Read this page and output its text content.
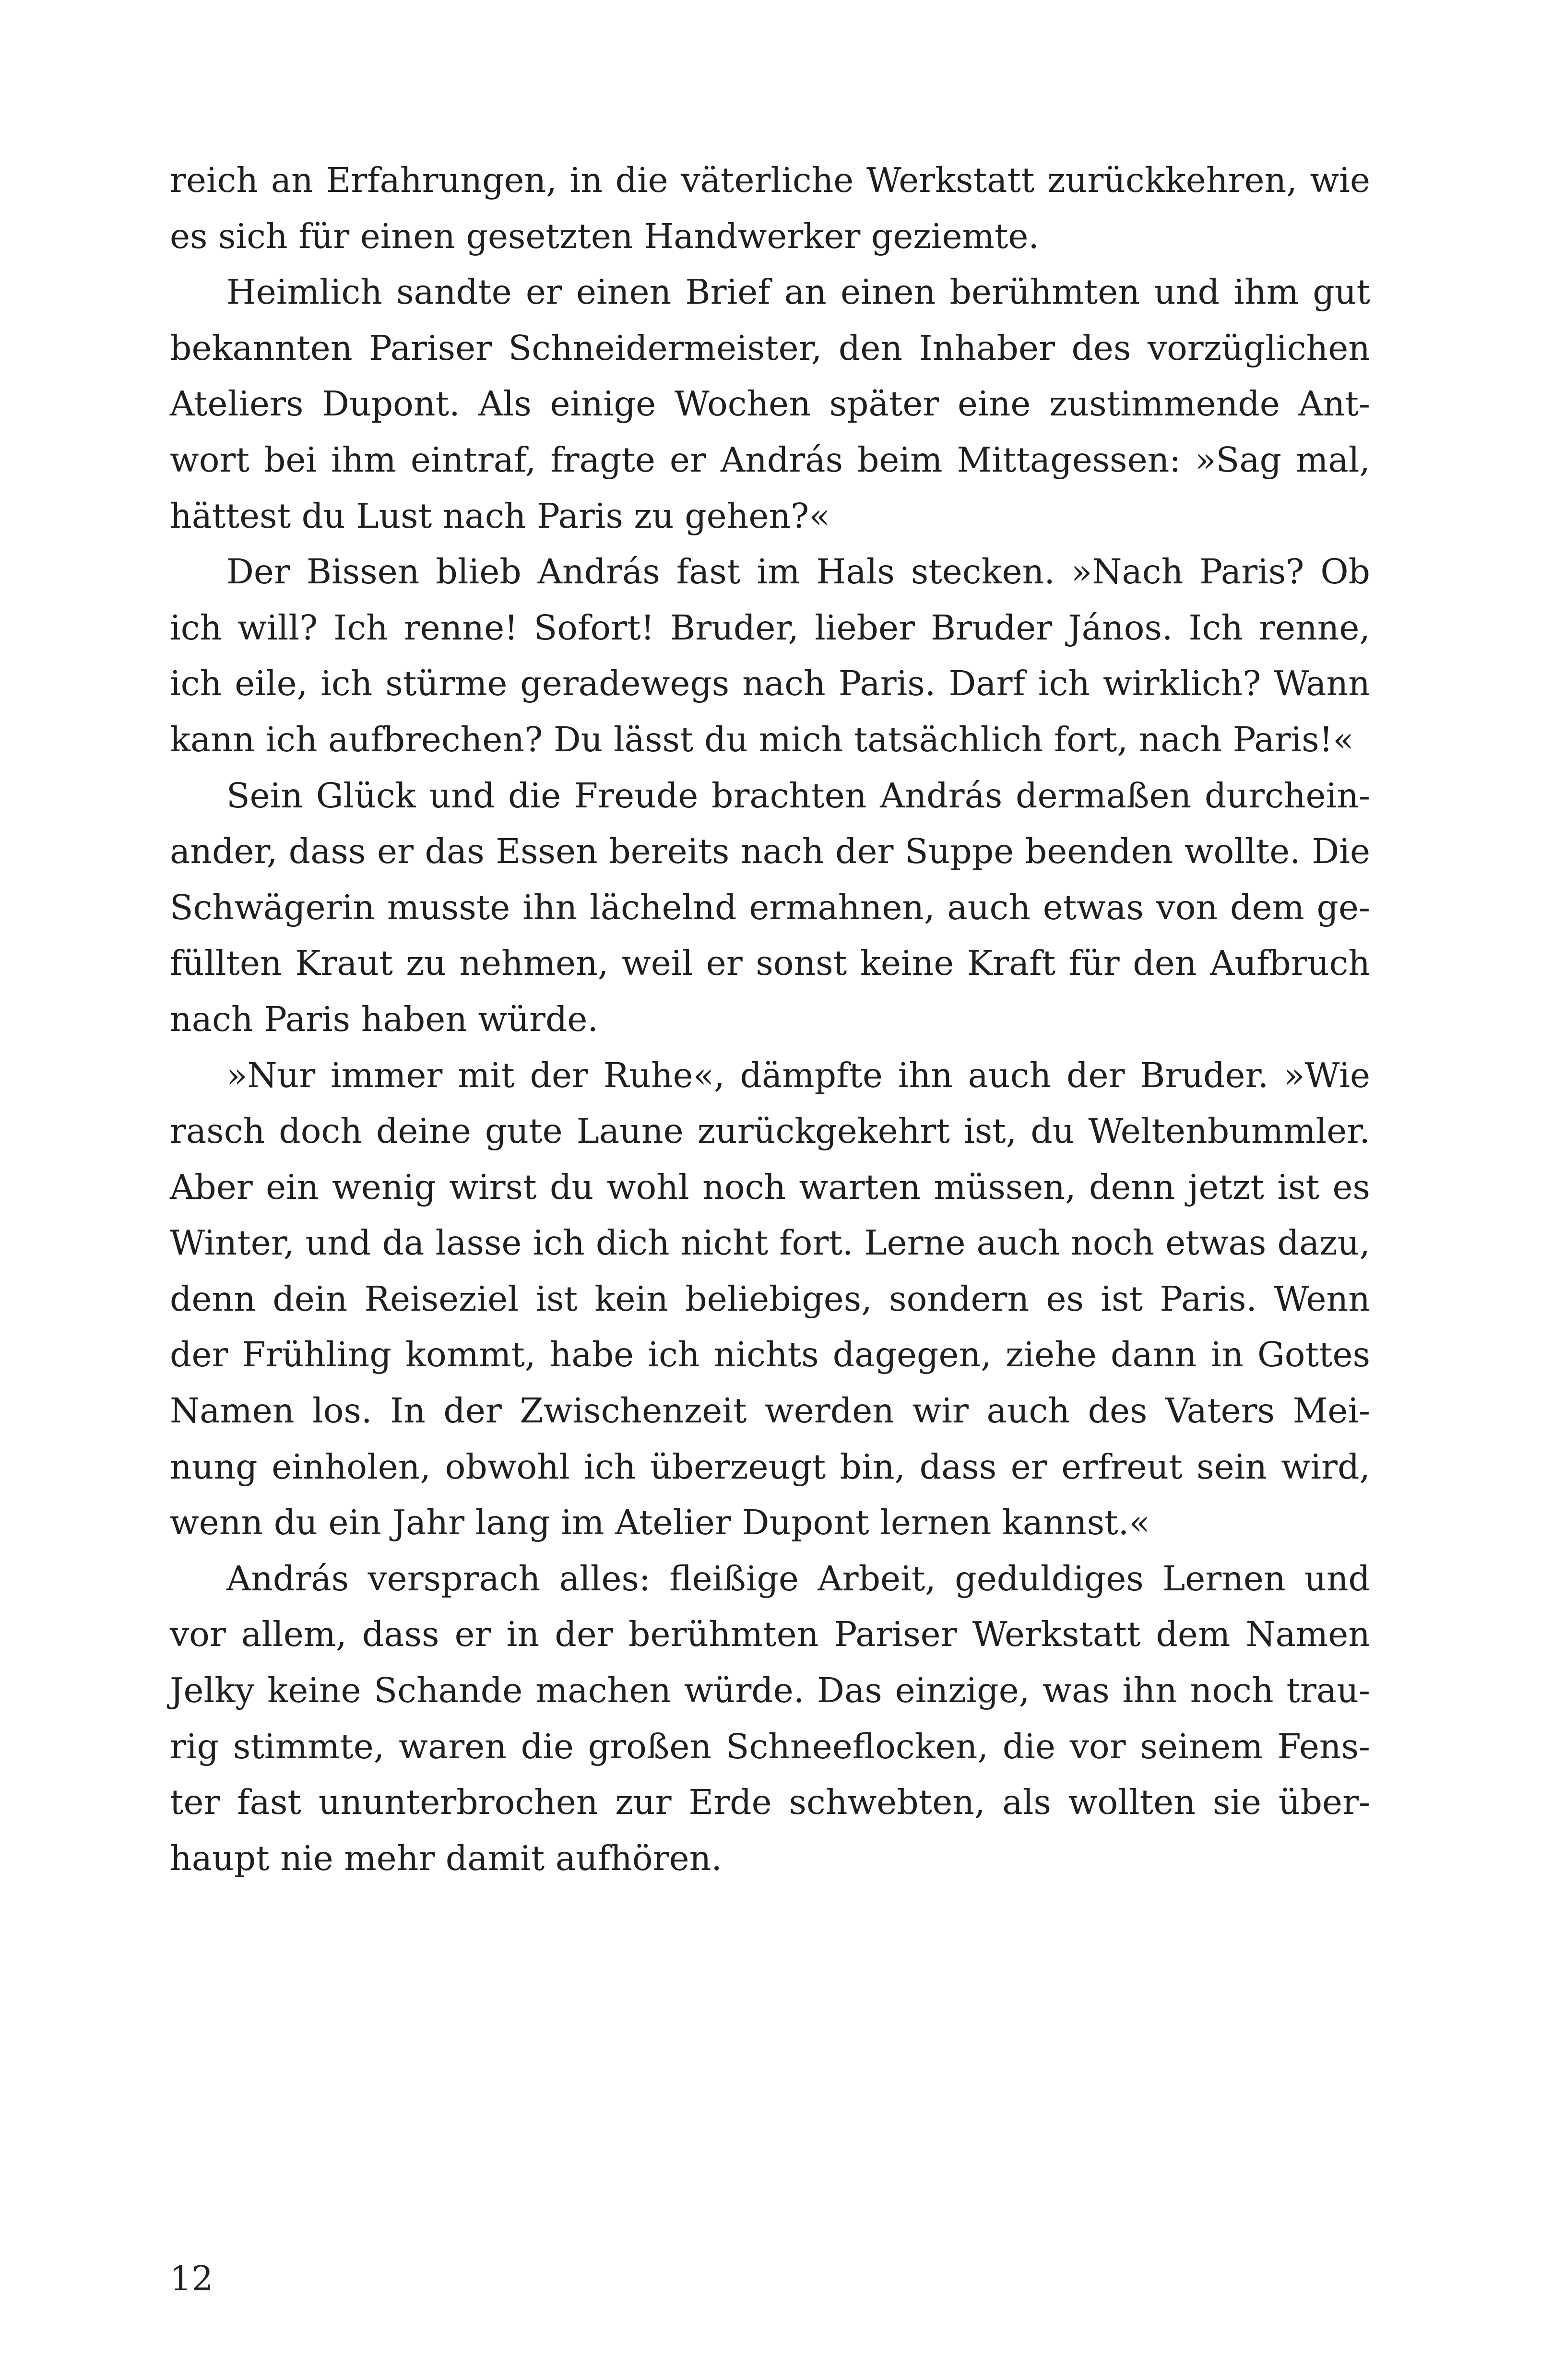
reich an Erfahrungen, in die väterliche Werkstatt zurückkehren, wie
es sich für einen gesetzten Handwerker geziemte.
Heimlich sandte er einen Brief an einen berühmten und ihm gut
bekannten Pariser Schneidermeister, den Inhaber des vorzüglichen
Ateliers Dupont. Als einige Wochen später eine zustimmende Ant-
wort bei ihm eintraf, fragte er András beim Mittagessen: »Sag mal,
hättest du Lust nach Paris zu gehen?«
Der Bissen blieb András fast im Hals stecken. »Nach Paris? Ob
ich will? Ich renne! Sofort! Bruder, lieber Bruder János. Ich renne,
ich eile, ich stürme geradewegs nach Paris. Darf ich wirklich? Wann
kann ich aufbrechen? Du lässt du mich tatsächlich fort, nach Paris!«
Sein Glück und die Freude brachten András dermaßen durchein-
ander, dass er das Essen bereits nach der Suppe beenden wollte. Die
Schwägerin musste ihn lächelnd ermahnen, auch etwas von dem ge-
füllten Kraut zu nehmen, weil er sonst keine Kraft für den Aufbruch
nach Paris haben würde.
»Nur immer mit der Ruhe«, dämpfte ihn auch der Bruder. »Wie
rasch doch deine gute Laune zurückgekehrt ist, du Weltenbummler.
Aber ein wenig wirst du wohl noch warten müssen, denn jetzt ist es
Winter, und da lasse ich dich nicht fort. Lerne auch noch etwas dazu,
denn dein Reiseziel ist kein beliebiges, sondern es ist Paris. Wenn
der Frühling kommt, habe ich nichts dagegen, ziehe dann in Gottes
Namen los. In der Zwischenzeit werden wir auch des Vaters Mei-
nung einholen, obwohl ich überzeugt bin, dass er erfreut sein wird,
wenn du ein Jahr lang im Atelier Dupont lernen kannst.«
András versprach alles: fleißige Arbeit, geduldiges Lernen und
vor allem, dass er in der berühmten Pariser Werkstatt dem Namen
Jelky keine Schande machen würde. Das einzige, was ihn noch trau-
rig stimmte, waren die großen Schneeflocken, die vor seinem Fens-
ter fast ununterbrochen zur Erde schwebten, als wollten sie über-
haupt nie mehr damit aufhören.
12
